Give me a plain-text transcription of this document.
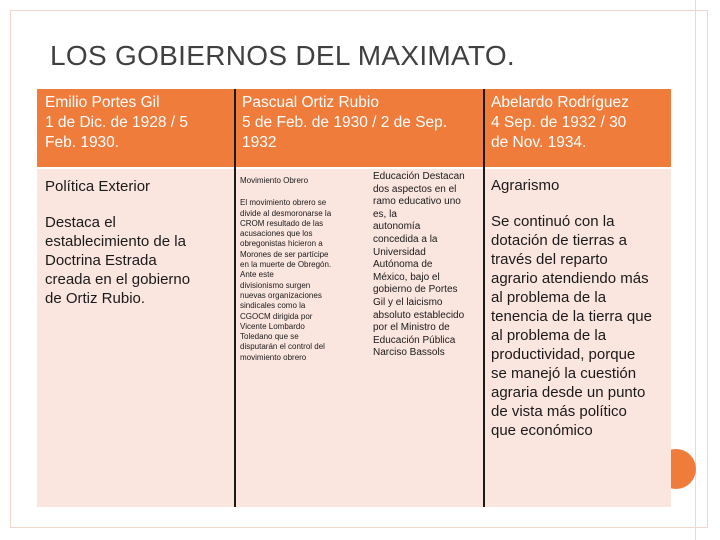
LOS GOBIERNOS DEL MAXIMATO.
Emilio Portes Gil
1 de Dic. de 1928 / 5
Feb. 1930.
Pascual Ortiz Rubio
5 de Feb. de 1930 / 2 de Sep.
1932
Abelardo Rodríguez
4 Sep. de 1932 / 30
de Nov. 1934.
Política Exterior
Destaca el
establecimiento de la
Doctrina Estrada
creada en el gobierno
de Ortiz Rubio.
Movimiento Obrero
El movimiento obrero se
divide al desmoronarse la
CROM resultado de las
acusaciones que los
obregonistas hicieron a
Morones de ser partícipe
en la muerte de Obregón.
Ante este
divisionismo surgen
nuevas organizaciones
sindicales como la
CGOCM dirigida por
Vicente Lombardo
Toledano que se
disputarán el control del
movimiento obrero
Educación Destacan
dos aspectos en el
ramo educativo uno
es, la
autonomía
concedida a la
Universidad
Autónoma de
México, bajo el
gobierno de Portes
Gil y el laicismo
absoluto establecido
por el Ministro de
Educación Pública
Narciso Bassols
Agrarismo
Se continuó con la
dotación de tierras a
través del reparto
agrario atendiendo más
al problema de la
tenencia de la tierra que
al problema de la
productividad, porque
se manejó la cuestión
agraria desde un punto
de vista más político
que económico
